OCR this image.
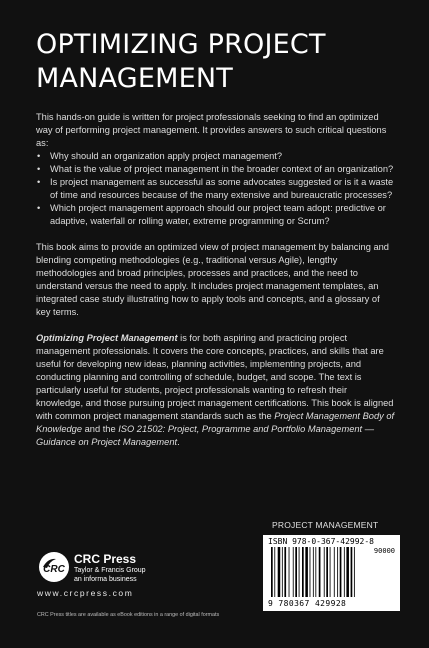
OPTIMIZING PROJECT
MANAGEMENT

This hands-on guide is written for project professionals seeking to find an optimized way of performing project management. It provides answers to such critical questions as:

• Why should an organization apply project management?
• What is the value of project management in the broader context of an organization?
• Is project management as successful as some advocates suggested or is it a waste of time and resources because of the many extensive and bureaucratic processes?
• Which project management approach should our project team adopt: predictive or adaptive, waterfall or rolling water, extreme programming or Scrum?

This book aims to provide an optimized view of project management by balancing and blending competing methodologies (e.g., traditional versus Agile), lengthy methodologies and broad principles, processes and practices, and the need to understand versus the need to apply. It includes project management templates, an integrated case study illustrating how to apply tools and concepts, and a glossary of key terms.

Optimizing Project Management is for both aspiring and practicing project management professionals. It covers the core concepts, practices, and skills that are useful for developing new ideas, planning activities, implementing projects, and conducting planning and controlling of schedule, budget, and scope. The text is particularly useful for students, project professionals wanting to refresh their knowledge, and those pursuing project management certifications. This book is aligned with common project management standards such as the Project Management Body of Knowledge and the ISO 21502: Project, Programme and Portfolio Management — Guidance on Project Management.

PROJECT MANAGEMENT
ISBN 978-0-367-42992-8
90000
9 780367 429928
CRC
CRC Press
Taylor & Francis Group
an informa business
www.crcpress.com
CRC Press titles are available as eBook editions in a range of digital formats
